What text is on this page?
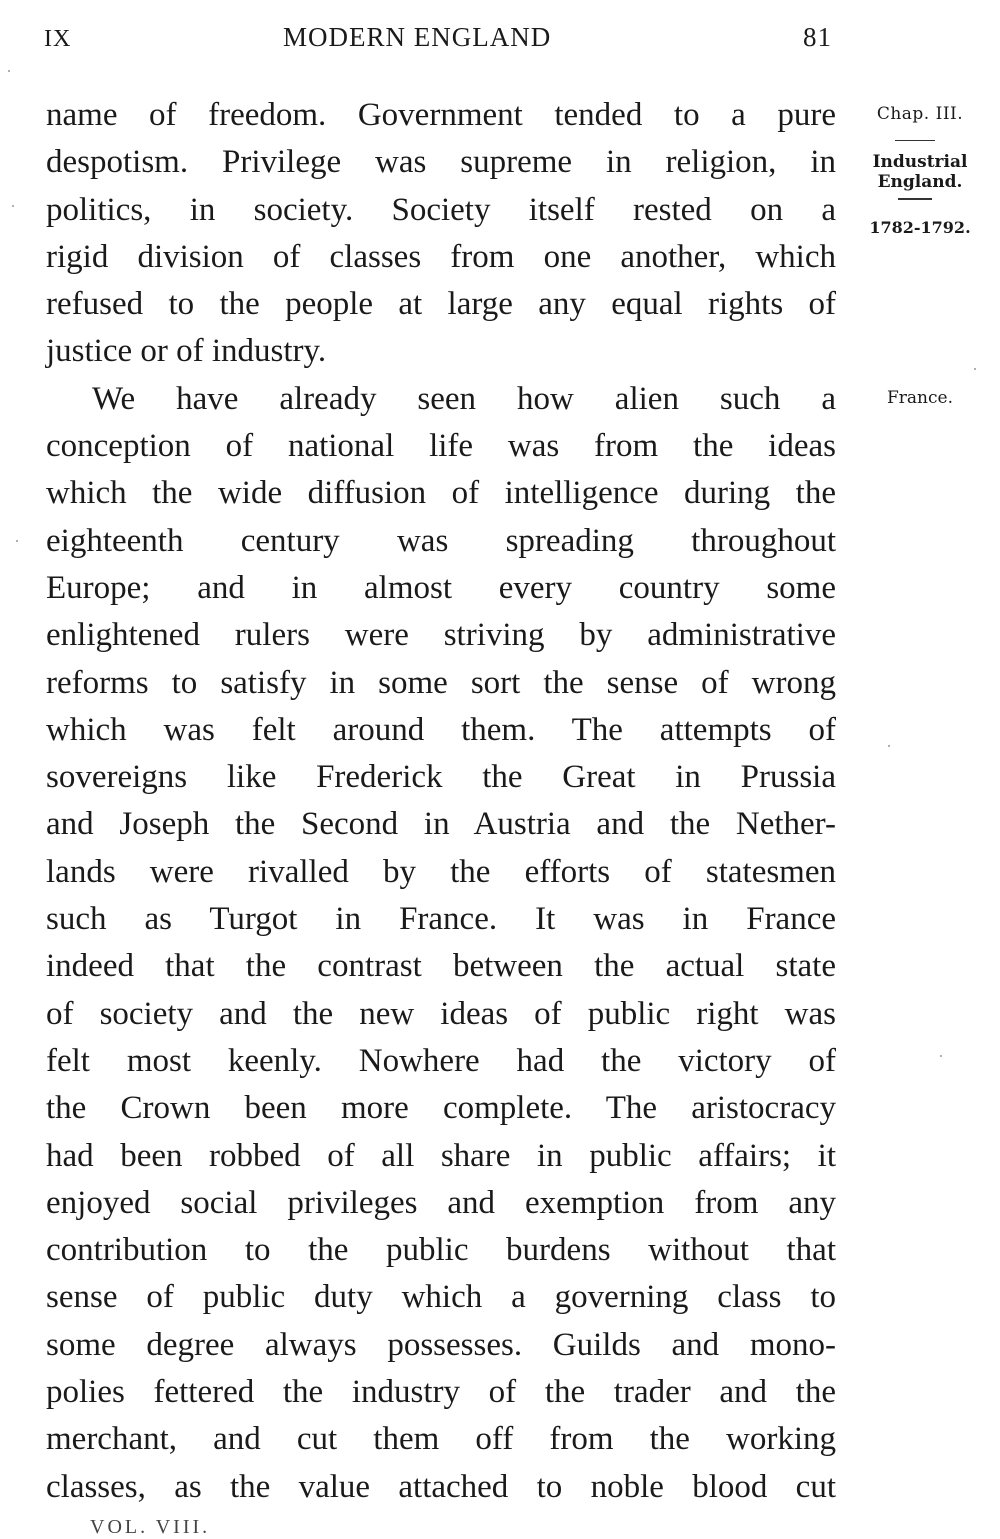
IX	MODERN ENGLAND	81
name of freedom. Government tended to a pure
despotism. Privilege was supreme in religion, in
politics, in society. Society itself rested on a
rigid division of classes from one another, which
refused to the people at large any equal rights of
justice or of industry.
We have already seen how alien such a
conception of national life was from the ideas
which the wide diffusion of intelligence during the
eighteenth century was spreading throughout
Europe; and in almost every country some
enlightened rulers were striving by administrative
reforms to satisfy in some sort the sense of wrong
which was felt around them. The attempts of
sovereigns like Frederick the Great in Prussia
and Joseph the Second in Austria and the Nether-
lands were rivalled by the efforts of statesmen
such as Turgot in France. It was in France
indeed that the contrast between the actual state
of society and the new ideas of public right was
felt most keenly. Nowhere had the victory of
the Crown been more complete. The aristocracy
had been robbed of all share in public affairs; it
enjoyed social privileges and exemption from any
contribution to the public burdens without that
sense of public duty which a governing class to
some degree always possesses. Guilds and mono-
polies fettered the industry of the trader and the
merchant, and cut them off from the working
classes, as the value attached to noble blood cut
Chap. III.
Industrial England.
1782-1792.
France.
VOL. VIII.
